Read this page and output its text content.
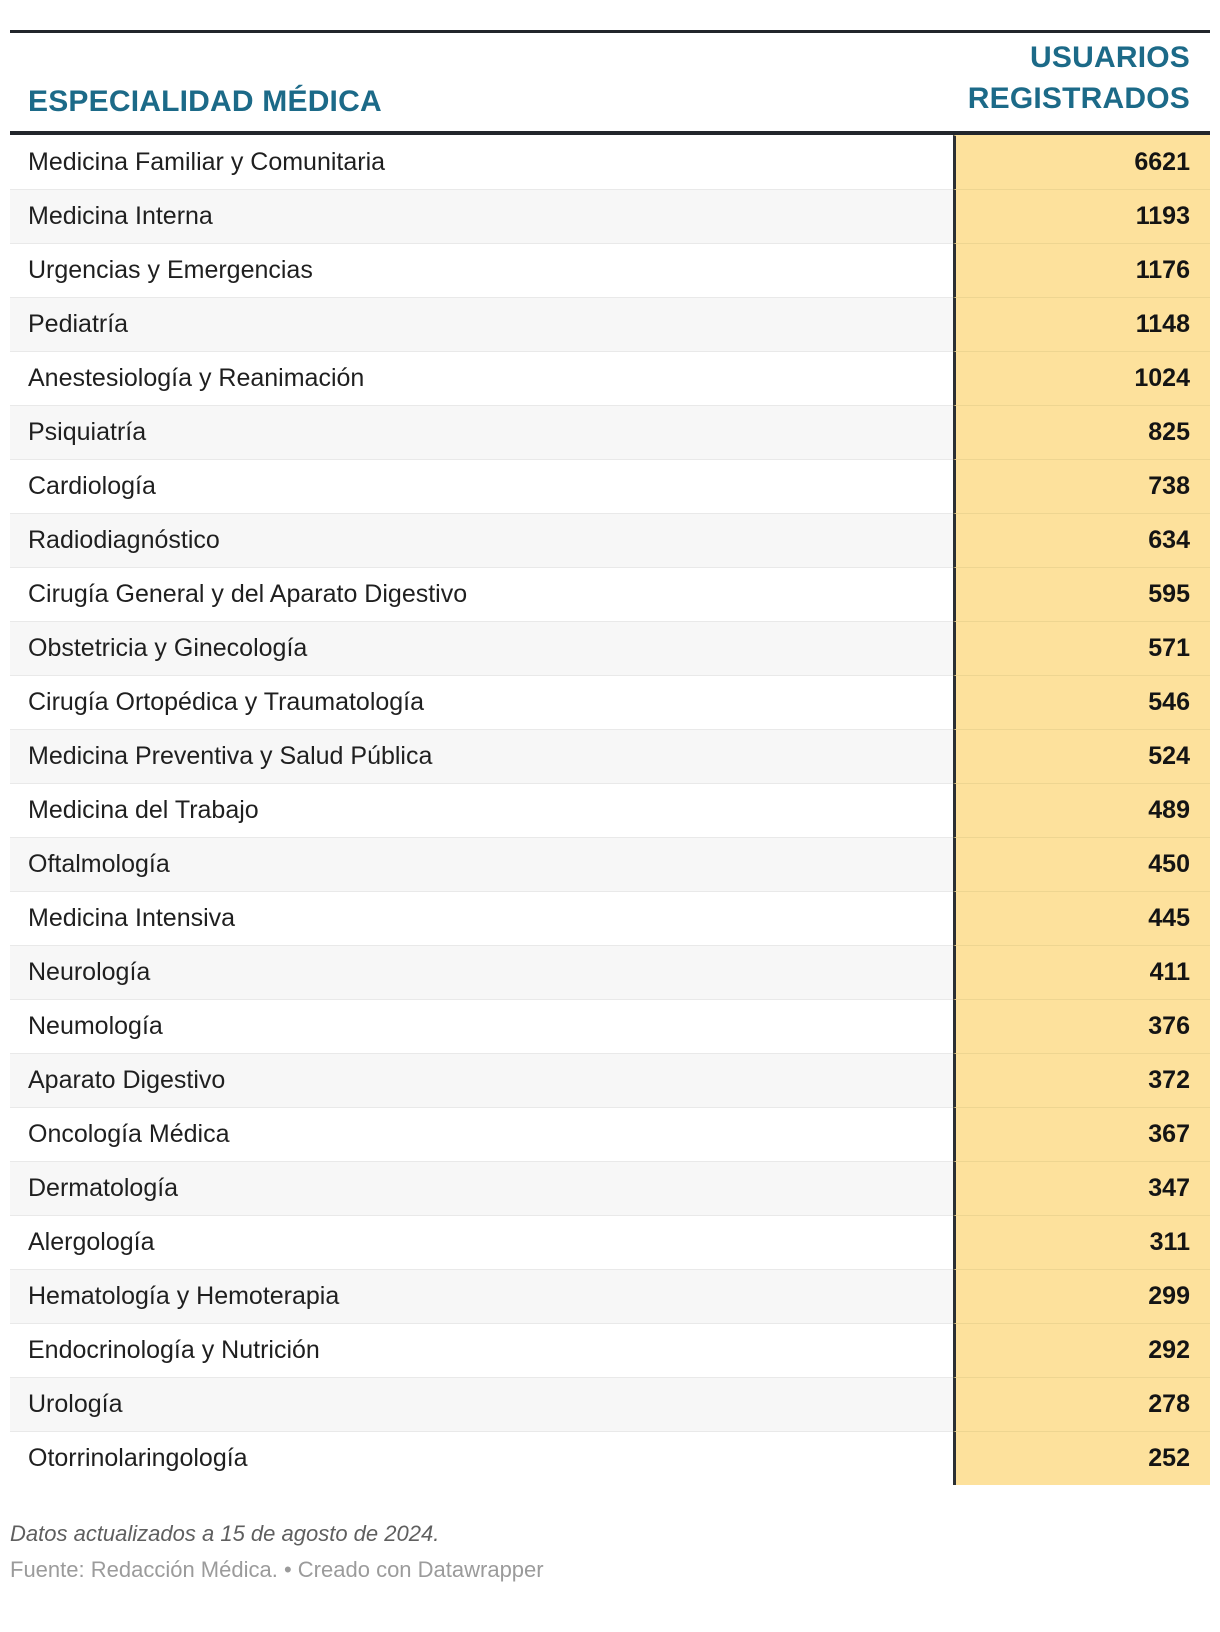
ESPECIALIDAD MÉDICA
USUARIOS
REGISTRADOS
Medicina Familiar y Comunitaria	6621
Medicina Interna	1193
Urgencias y Emergencias	1176
Pediatría	1148
Anestesiología y Reanimación	1024
Psiquiatría	825
Cardiología	738
Radiodiagnóstico	634
Cirugía General y del Aparato Digestivo	595
Obstetricia y Ginecología	571
Cirugía Ortopédica y Traumatología	546
Medicina Preventiva y Salud Pública	524
Medicina del Trabajo	489
Oftalmología	450
Medicina Intensiva	445
Neurología	411
Neumología	376
Aparato Digestivo	372
Oncología Médica	367
Dermatología	347
Alergología	311
Hematología y Hemoterapia	299
Endocrinología y Nutrición	292
Urología	278
Otorrinolaringología	252
Datos actualizados a 15 de agosto de 2024.
Fuente: Redacción Médica. • Creado con Datawrapper
